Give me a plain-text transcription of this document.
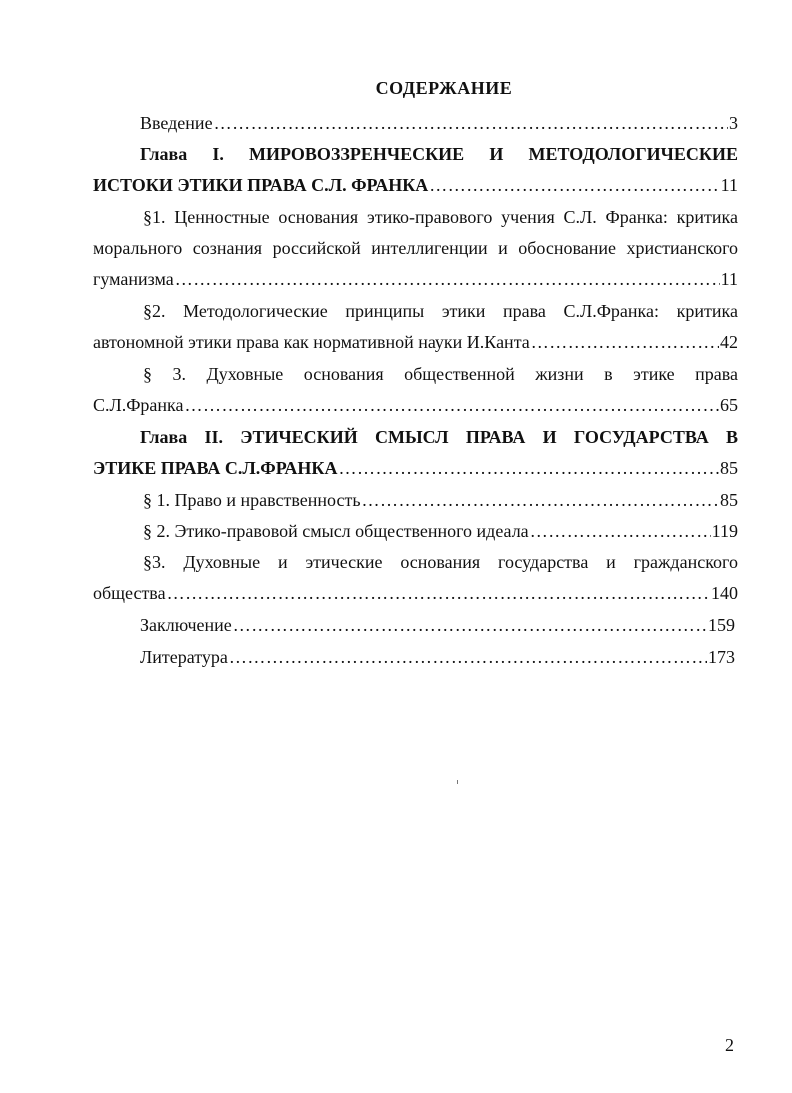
СОДЕРЖАНИЕ
Введение ……………………………………………………………………………………………………………………………………………………………………………………………………………………………………	3
Глава I. МИРОВОЗЗРЕНЧЕСКИЕ И МЕТОДОЛОГИЧЕСКИЕ
ИСТОКИ ЭТИКИ ПРАВА С.Л. ФРАНКА ……………………………………………………………………………………………………………………………………………………………………………………………………………………………………	11
§1. Ценностные основания этико-правового учения С.Л. Франка: критика
морального сознания российской интеллигенции и обоснование христианского
гуманизма ……………………………………………………………………………………………………………………………………………………………………………………………………………………………………	11
§2. Методологические принципы этики права С.Л.Франка: критика
автономной этики права как нормативной науки И.Канта ……………………………………………………………………………………………………………………………………………………………………………………………………………………………………	42
§ 3. Духовные основания общественной жизни в этике права
С.Л.Франка ……………………………………………………………………………………………………………………………………………………………………………………………………………………………………	65
Глава II. ЭТИЧЕСКИЙ СМЫСЛ ПРАВА И ГОСУДАРСТВА В
ЭТИКЕ ПРАВА С.Л.ФРАНКА ……………………………………………………………………………………………………………………………………………………………………………………………………………………………………	85
§ 1. Право и нравственность ……………………………………………………………………………………………………………………………………………………………………………………………………………………………………	85
§ 2. Этико-правовой смысл общественного идеала ……………………………………………………………………………………………………………………………………………………………………………………………………………………………………	119
§3. Духовные и этические основания государства и гражданского
общества ……………………………………………………………………………………………………………………………………………………………………………………………………………………………………	140
Заключение ……………………………………………………………………………………………………………………………………………………………………………………………………………………………………	159
Литература ……………………………………………………………………………………………………………………………………………………………………………………………………………………………………	173
2
